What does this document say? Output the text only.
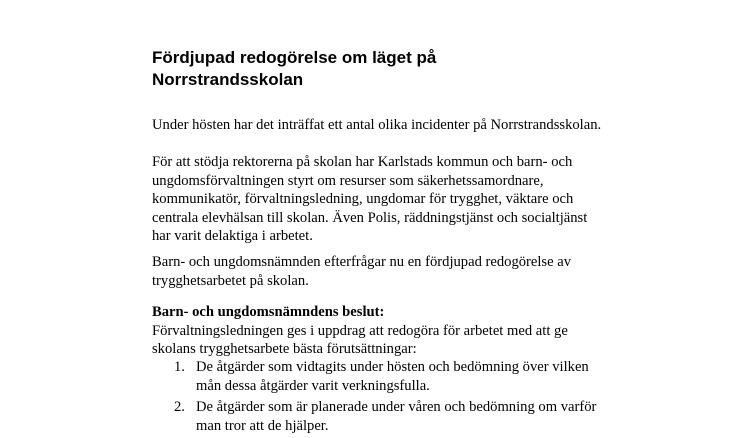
Fördjupad redogörelse om läget på
Norrstrandsskolan

Under hösten har det inträffat ett antal olika incidenter på Norrstrandsskolan.

För att stödja rektorerna på skolan har Karlstads kommun och barn- och
ungdomsförvaltningen styrt om resurser som säkerhetssamordnare,
kommunikatör, förvaltningsledning, ungdomar för trygghet, väktare och
centrala elevhälsan till skolan. Även Polis, räddningstjänst och socialtjänst
har varit delaktiga i arbetet.

Barn- och ungdomsnämnden efterfrågar nu en fördjupad redogörelse av
trygghetsarbetet på skolan.

Barn- och ungdomsnämndens beslut:
Förvaltningsledningen ges i uppdrag att redogöra för arbetet med att ge
skolans trygghetsarbete bästa förutsättningar:

1. De åtgärder som vidtagits under hösten och bedömning över vilken
mån dessa åtgärder varit verkningsfulla.
2. De åtgärder som är planerade under våren och bedömning om varför
man tror att de hjälper.
